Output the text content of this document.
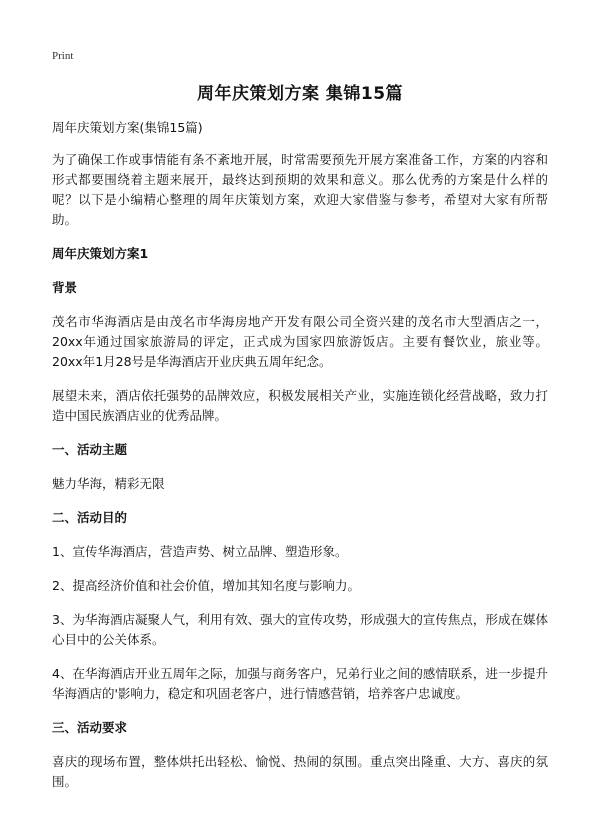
Print
周年庆策划方案 集锦15篇

周年庆策划方案(集锦15篇)

为了确保工作或事情能有条不紊地开展，时常需要预先开展方案准备工作，方案的内容和形式都要围绕着主题来展开，最终达到预期的效果和意义。那么优秀的方案是什么样的呢？以下是小编精心整理的周年庆策划方案，欢迎大家借鉴与参考，希望对大家有所帮助。

周年庆策划方案1

背景

茂名市华海酒店是由茂名市华海房地产开发有限公司全资兴建的茂名市大型酒店之一，20xx年通过国家旅游局的评定，正式成为国家四旅游饭店。主要有餐饮业，旅业等。20xx年1月28号是华海酒店开业庆典五周年纪念。

展望未来，酒店依托强势的品牌效应，积极发展相关产业，实施连锁化经营战略，致力打造中国民族酒店业的优秀品牌。

一、活动主题

魅力华海，精彩无限

二、活动目的

1、宣传华海酒店，营造声势、树立品牌、塑造形象。

2、提高经济价值和社会价值，增加其知名度与影响力。

3、为华海酒店凝聚人气，利用有效、强大的宣传攻势，形成强大的宣传焦点，形成在媒体心目中的公关体系。

4、在华海酒店开业五周年之际，加强与商务客户，兄弟行业之间的感情联系，进一步提升华海酒店的'影响力，稳定和巩固老客户，进行情感营销，培养客户忠诚度。

三、活动要求

喜庆的现场布置，整体烘托出轻松、愉悦、热闹的氛围。重点突出隆重、大方、喜庆的氛围。
